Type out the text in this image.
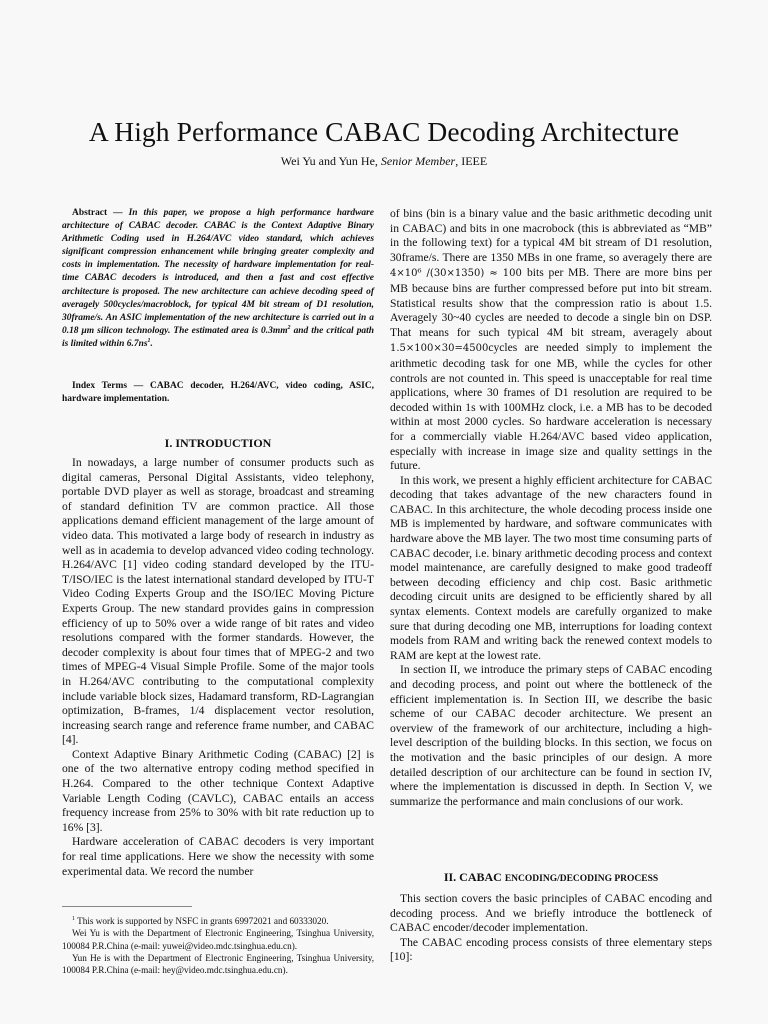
A High Performance CABAC Decoding Architecture
Wei Yu and Yun He, Senior Member, IEEE
Abstract — In this paper, we propose a high performance hardware architecture of CABAC decoder. CABAC is the Context Adaptive Binary Arithmetic Coding used in H.264/AVC video standard, which achieves significant compression enhancement while bringing greater complexity and costs in implementation. The necessity of hardware implementation for real-time CABAC decoders is introduced, and then a fast and cost effective architecture is proposed. The new architecture can achieve decoding speed of averagely 500cycles/macroblock, for typical 4M bit stream of D1 resolution, 30frame/s. An ASIC implementation of the new architecture is carried out in a 0.18 μm silicon technology. The estimated area is $0.3mm^2$ and the critical path is limited within $6.7ns^1$.
Index Terms — CABAC decoder, H.264/AVC, video coding, ASIC, hardware implementation.
I. INTRODUCTION

In nowadays, a large number of consumer products such as digital cameras, Personal Digital Assistants, video telephony, portable DVD player as well as storage, broadcast and streaming of standard definition TV are common practice. All those applications demand efficient management of the large amount of video data. This motivated a large body of research in industry as well as in academia to develop advanced video coding technology. H.264/AVC [1] video coding standard developed by the ITU-T/ISO/IEC is the latest international standard developed by ITU-T Video Coding Experts Group and the ISO/IEC Moving Picture Experts Group. The new standard provides gains in compression efficiency of up to 50% over a wide range of bit rates and video resolutions compared with the former standards. However, the decoder complexity is about four times that of MPEG-2 and two times of MPEG-4 Visual Simple Profile. Some of the major tools in H.264/AVC contributing to the computational complexity include variable block sizes, Hadamard transform, RD-Lagrangian optimization, B-frames, 1/4 displacement vector resolution, increasing search range and reference frame number, and CABAC [4].

Context Adaptive Binary Arithmetic Coding (CABAC) [2] is one of the two alternative entropy coding method specified in H.264. Compared to the other technique Context Adaptive Variable Length Coding (CAVLC), CABAC entails an access frequency increase from 25% to 30% with bit rate reduction up to 16% [3].

Hardware acceleration of CABAC decoders is very important for real time applications. Here we show the necessity with some experimental data. We record the number

$^1$ This work is supported by NSFC in grants 69972021 and 60333020.

Wei Yu is with the Department of Electronic Engineering, Tsinghua University, 100084 P.R.China (e-mail: yuwei@video.mdc.tsinghua.edu.cn).

Yun He is with the Department of Electronic Engineering, Tsinghua University, 100084 P.R.China (e-mail: hey@video.mdc.tsinghua.edu.cn).

of bins (bin is a binary value and the basic arithmetic decoding unit in CABAC) and bits in one macrobock (this is abbreviated as “MB” in the following text) for a typical 4M bit stream of D1 resolution, 30frame/s. There are 1350 MBs in one frame, so averagely there are 4×10⁶ /(30×1350) ≈ 100 bits per MB. There are more bins per MB because bins are further compressed before put into bit stream. Statistical results show that the compression ratio is about 1.5. Averagely 30~40 cycles are needed to decode a single bin on DSP. That means for such typical 4M bit stream, averagely about 1.5×100×30=4500cycles are needed simply to implement the arithmetic decoding task for one MB, while the cycles for other controls are not counted in. This speed is unacceptable for real time applications, where 30 frames of D1 resolution are required to be decoded within 1s with 100MHz clock, i.e. a MB has to be decoded within at most 2000 cycles. So hardware acceleration is necessary for a commercially viable H.264/AVC based video application, especially with increase in image size and quality settings in the future.

In this work, we present a highly efficient architecture for CABAC decoding that takes advantage of the new characters found in CABAC. In this architecture, the whole decoding process inside one MB is implemented by hardware, and software communicates with hardware above the MB layer. The two most time consuming parts of CABAC decoder, i.e. binary arithmetic decoding process and context model maintenance, are carefully designed to make good tradeoff between decoding efficiency and chip cost. Basic arithmetic decoding circuit units are designed to be efficiently shared by all syntax elements. Context models are carefully organized to make sure that during decoding one MB, interruptions for loading context models from RAM and writing back the renewed context models to RAM are kept at the lowest rate.

In section II, we introduce the primary steps of CABAC encoding and decoding process, and point out where the bottleneck of the efficient implementation is. In Section III, we describe the basic scheme of our CABAC decoder architecture. We present an overview of the framework of our architecture, including a high-level description of the building blocks. In this section, we focus on the motivation and the basic principles of our design. A more detailed description of our architecture can be found in section IV, where the implementation is discussed in depth. In Section V, we summarize the performance and main conclusions of our work.

II. CABAC ENCODING/DECODING PROCESS

This section covers the basic principles of CABAC encoding and decoding process. And we briefly introduce the bottleneck of CABAC encoder/decoder implementation.

The CABAC encoding process consists of three elementary steps [10]:
